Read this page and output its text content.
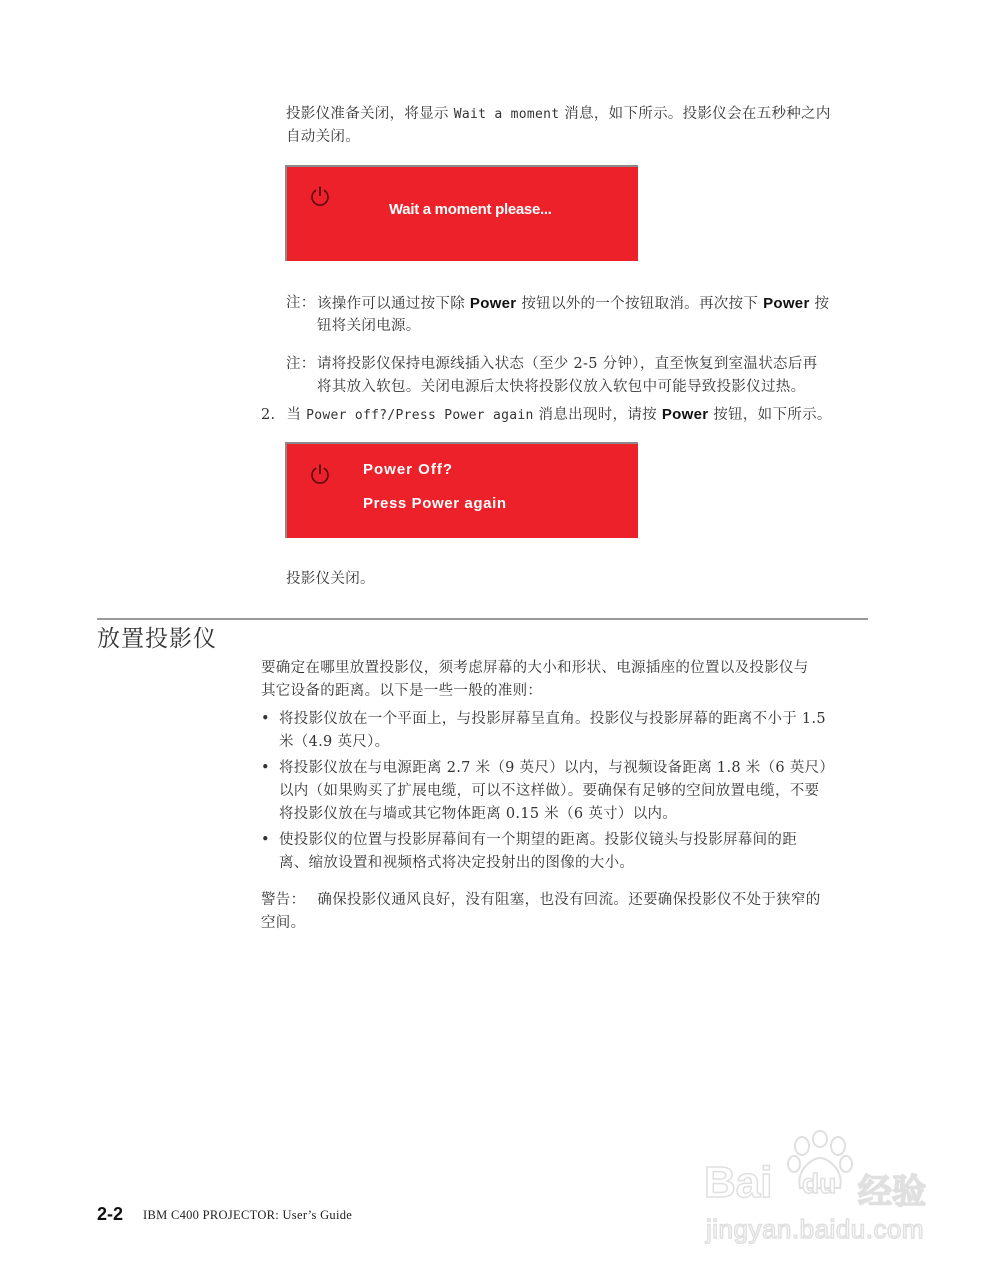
投影仪准备关闭，将显示 Wait a moment 消息，如下所示。投影仪会在五秒种之内
自动关闭。
Wait a moment please...
注： 该操作可以通过按下除 Power 按钮以外的一个按钮取消。再次按下 Power 按
钮将关闭电源。
注： 请将投影仪保持电源线插入状态（至少 2-5 分钟），直至恢复到室温状态后再
将其放入软包。关闭电源后太快将投影仪放入软包中可能导致投影仪过热。
2. 当 Power off?/Press Power again 消息出现时，请按 Power 按钮，如下所示。
Power Off?
Press Power again
投影仪关闭。
放置投影仪
要确定在哪里放置投影仪，须考虑屏幕的大小和形状、电源插座的位置以及投影仪与
其它设备的距离。以下是一些一般的准则：
• 将投影仪放在一个平面上，与投影屏幕呈直角。投影仪与投影屏幕的距离不小于 1.5
米（4.9 英尺）。
• 将投影仪放在与电源距离 2.7 米（9 英尺）以内，与视频设备距离 1.8 米（6 英尺）
以内（如果购买了扩展电缆，可以不这样做）。要确保有足够的空间放置电缆，不要
将投影仪放在与墙或其它物体距离 0.15 米（6 英寸）以内。
• 使投影仪的位置与投影屏幕间有一个期望的距离。投影仪镜头与投影屏幕间的距
离、缩放设置和视频格式将决定投射出的图像的大小。
警告： 确保投影仪通风良好，没有阻塞，也没有回流。还要确保投影仪不处于狭窄的
空间。
2-2 IBM C400 PROJECTOR: User’s Guide
Bai du 经验
jingyan.baidu.com
